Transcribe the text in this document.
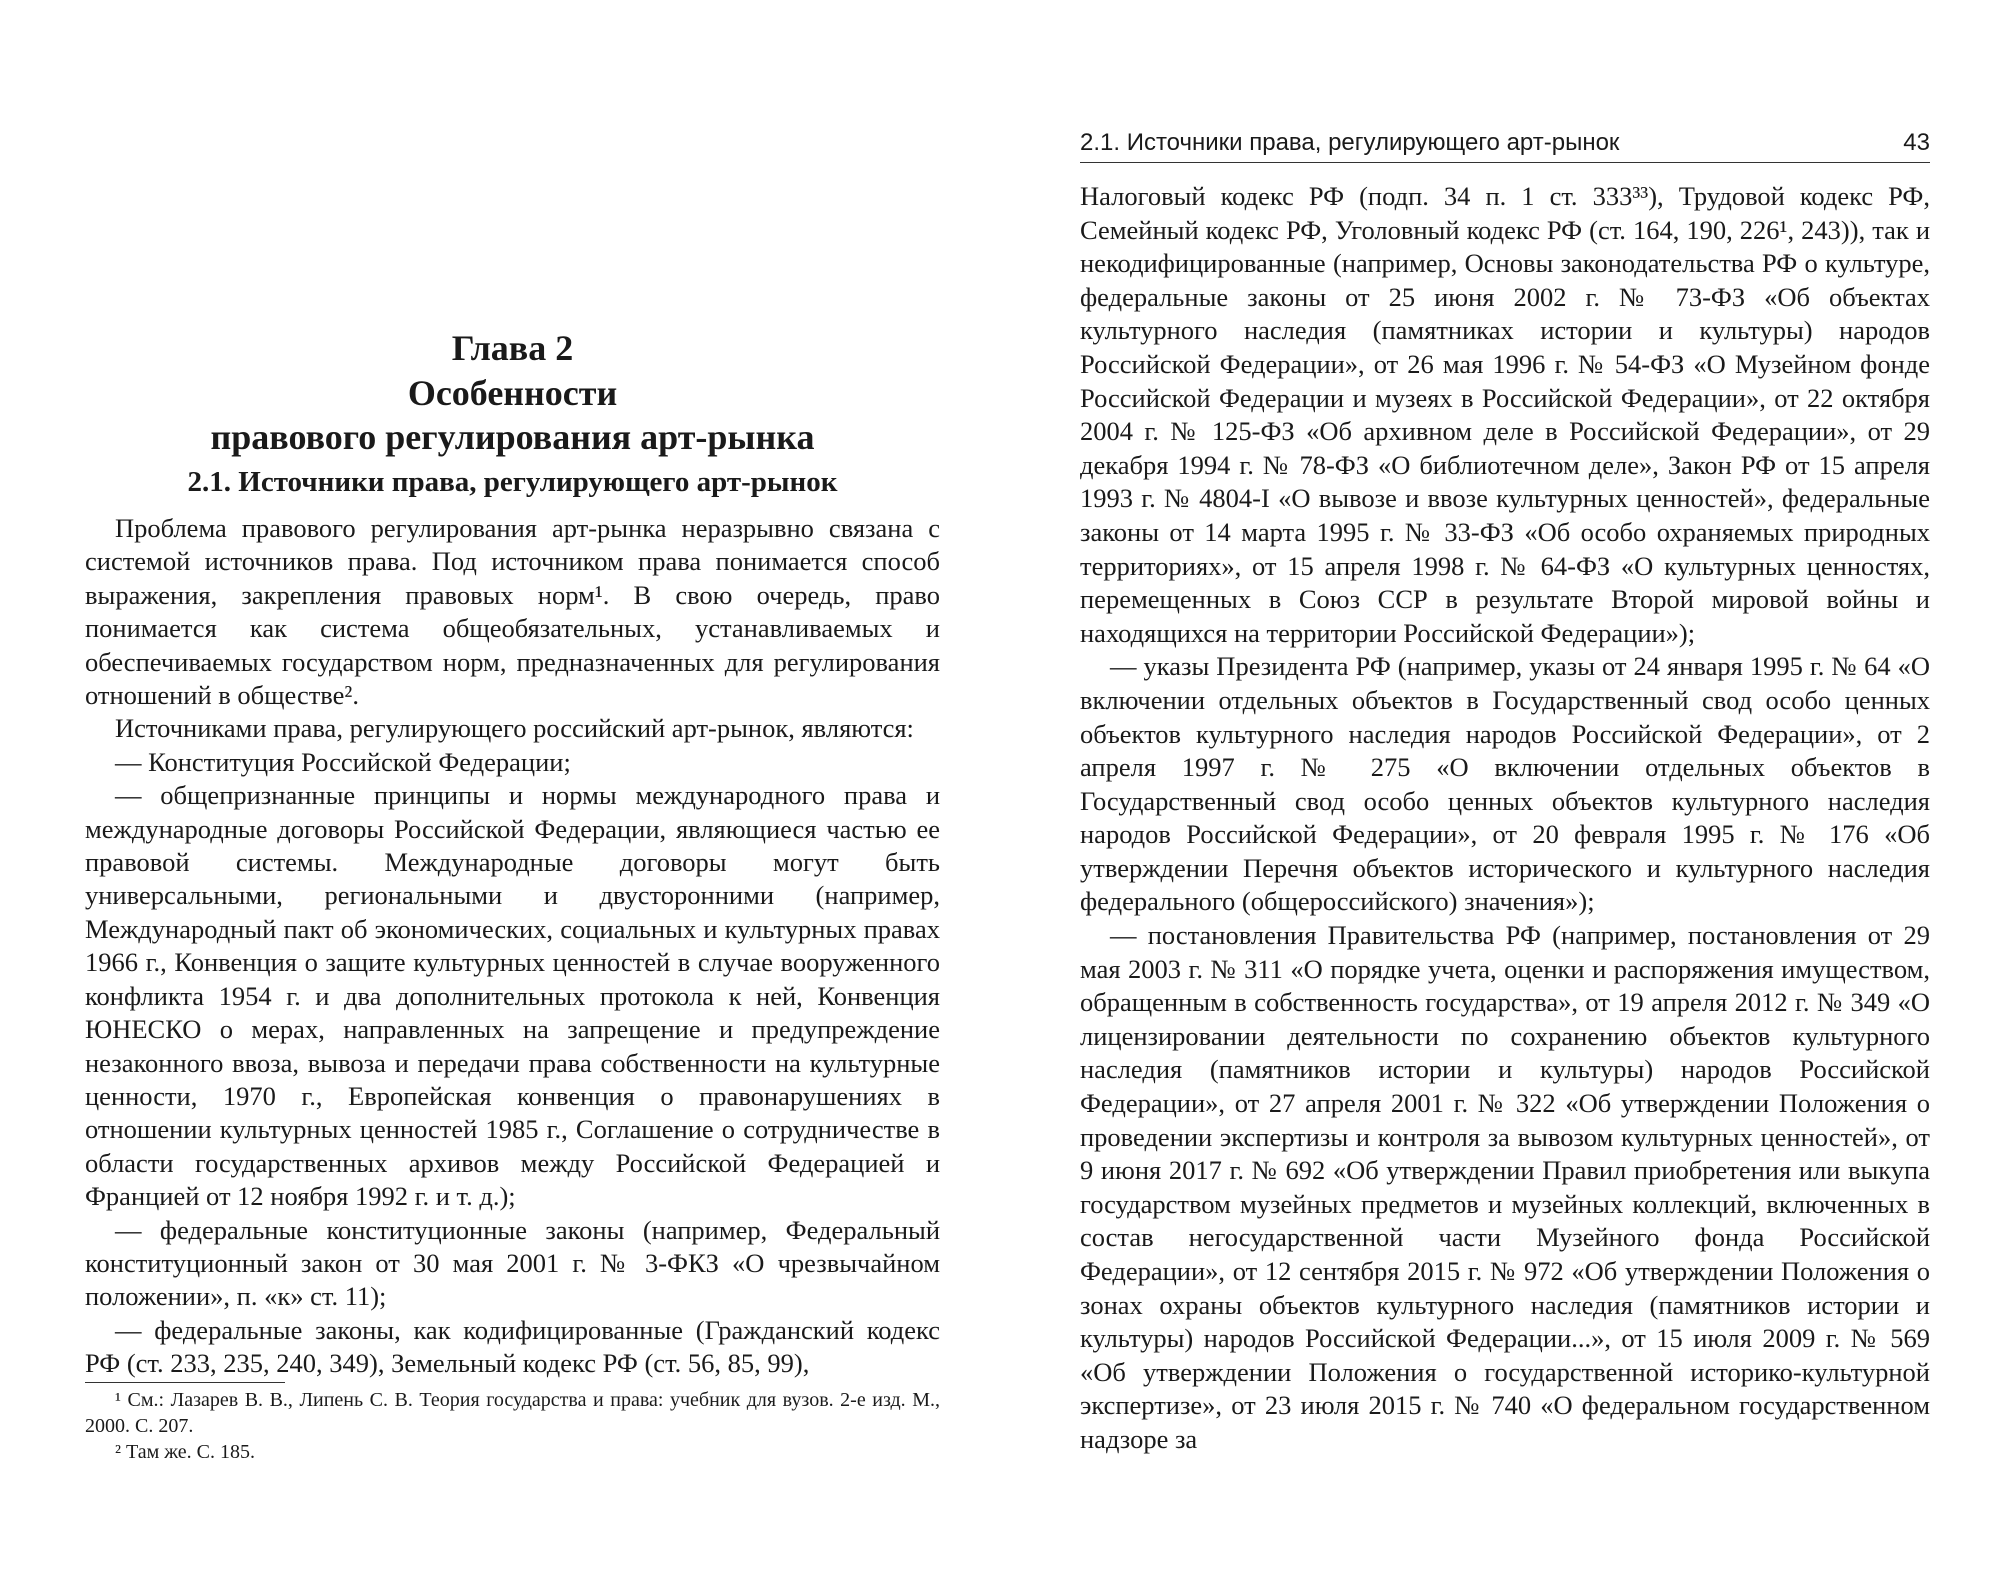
Глава 2
Особенности
правового регулирования арт-рынка
2.1. Источники права, регулирующего арт-рынок

Проблема правового регулирования арт-рынка неразрывно связана с системой источников права. Под источником права понимается способ выражения, закрепления правовых норм¹. В свою очередь, право понимается как система общеобязательных, устанавливаемых и обеспечиваемых государством норм, предназначенных для регулирования отношений в обществе².

Источниками права, регулирующего российский арт-рынок, являются:

— Конституция Российской Федерации;

— общепризнанные принципы и нормы международного права и международные договоры Российской Федерации, являющиеся частью ее правовой системы. Международные договоры могут быть универсальными, региональными и двусторонними (например, Международный пакт об экономических, социальных и культурных правах 1966 г., Конвенция о защите культурных ценностей в случае вооруженного конфликта 1954 г. и два дополнительных протокола к ней, Конвенция ЮНЕСКО о мерах, направленных на запрещение и предупреждение незаконного ввоза, вывоза и передачи права собственности на культурные ценности, 1970 г., Европейская конвенция о правонарушениях в отношении культурных ценностей 1985 г., Соглашение о сотрудничестве в области государственных архивов между Российской Федерацией и Францией от 12 ноября 1992 г. и т. д.);

— федеральные конституционные законы (например, Федеральный конституционный закон от 30 мая 2001 г. № 3-ФКЗ «О чрезвычайном положении», п. «к» ст. 11);

— федеральные законы, как кодифицированные (Гражданский кодекс РФ (ст. 233, 235, 240, 349), Земельный кодекс РФ (ст. 56, 85, 99),

¹ См.: Лазарев В. В., Липень С. В. Теория государства и права: учебник для вузов. 2-е изд. М., 2000. С. 207.

² Там же. С. 185.

2.1. Источники права, регулирующего арт-рынок	43

Налоговый кодекс РФ (подп. 34 п. 1 ст. 333³³), Трудовой кодекс РФ, Семейный кодекс РФ, Уголовный кодекс РФ (ст. 164, 190, 226¹, 243)), так и некодифицированные (например, Основы законодательства РФ о культуре, федеральные законы от 25 июня 2002 г. № 73-ФЗ «Об объектах культурного наследия (памятниках истории и культуры) народов Российской Федерации», от 26 мая 1996 г. № 54-ФЗ «О Музейном фонде Российской Федерации и музеях в Российской Федерации», от 22 октября 2004 г. № 125-ФЗ «Об архивном деле в Российской Федерации», от 29 декабря 1994 г. № 78-ФЗ «О библиотечном деле», Закон РФ от 15 апреля 1993 г. № 4804-I «О вывозе и ввозе культурных ценностей», федеральные законы от 14 марта 1995 г. № 33-ФЗ «Об особо охраняемых природных территориях», от 15 апреля 1998 г. № 64-ФЗ «О культурных ценностях, перемещенных в Союз ССР в результате Второй мировой войны и находящихся на территории Российской Федерации»);

— указы Президента РФ (например, указы от 24 января 1995 г. № 64 «О включении отдельных объектов в Государственный свод особо ценных объектов культурного наследия народов Российской Федерации», от 2 апреля 1997 г. № 275 «О включении отдельных объектов в Государственный свод особо ценных объектов культурного наследия народов Российской Федерации», от 20 февраля 1995 г. № 176 «Об утверждении Перечня объектов исторического и культурного наследия федерального (общероссийского) значения»);

— постановления Правительства РФ (например, постановления от 29 мая 2003 г. № 311 «О порядке учета, оценки и распоряжения имуществом, обращенным в собственность государства», от 19 апреля 2012 г. № 349 «О лицензировании деятельности по сохранению объектов культурного наследия (памятников истории и культуры) народов Российской Федерации», от 27 апреля 2001 г. № 322 «Об утверждении Положения о проведении экспертизы и контроля за вывозом культурных ценностей», от 9 июня 2017 г. № 692 «Об утверждении Правил приобретения или выкупа государством музейных предметов и музейных коллекций, включенных в состав негосударственной части Музейного фонда Российской Федерации», от 12 сентября 2015 г. № 972 «Об утверждении Положения о зонах охраны объектов культурного наследия (памятников истории и культуры) народов Российской Федерации...», от 15 июля 2009 г. № 569 «Об утверждении Положения о государственной историко-культурной экспертизе», от 23 июля 2015 г. № 740 «О федеральном государственном надзоре за
